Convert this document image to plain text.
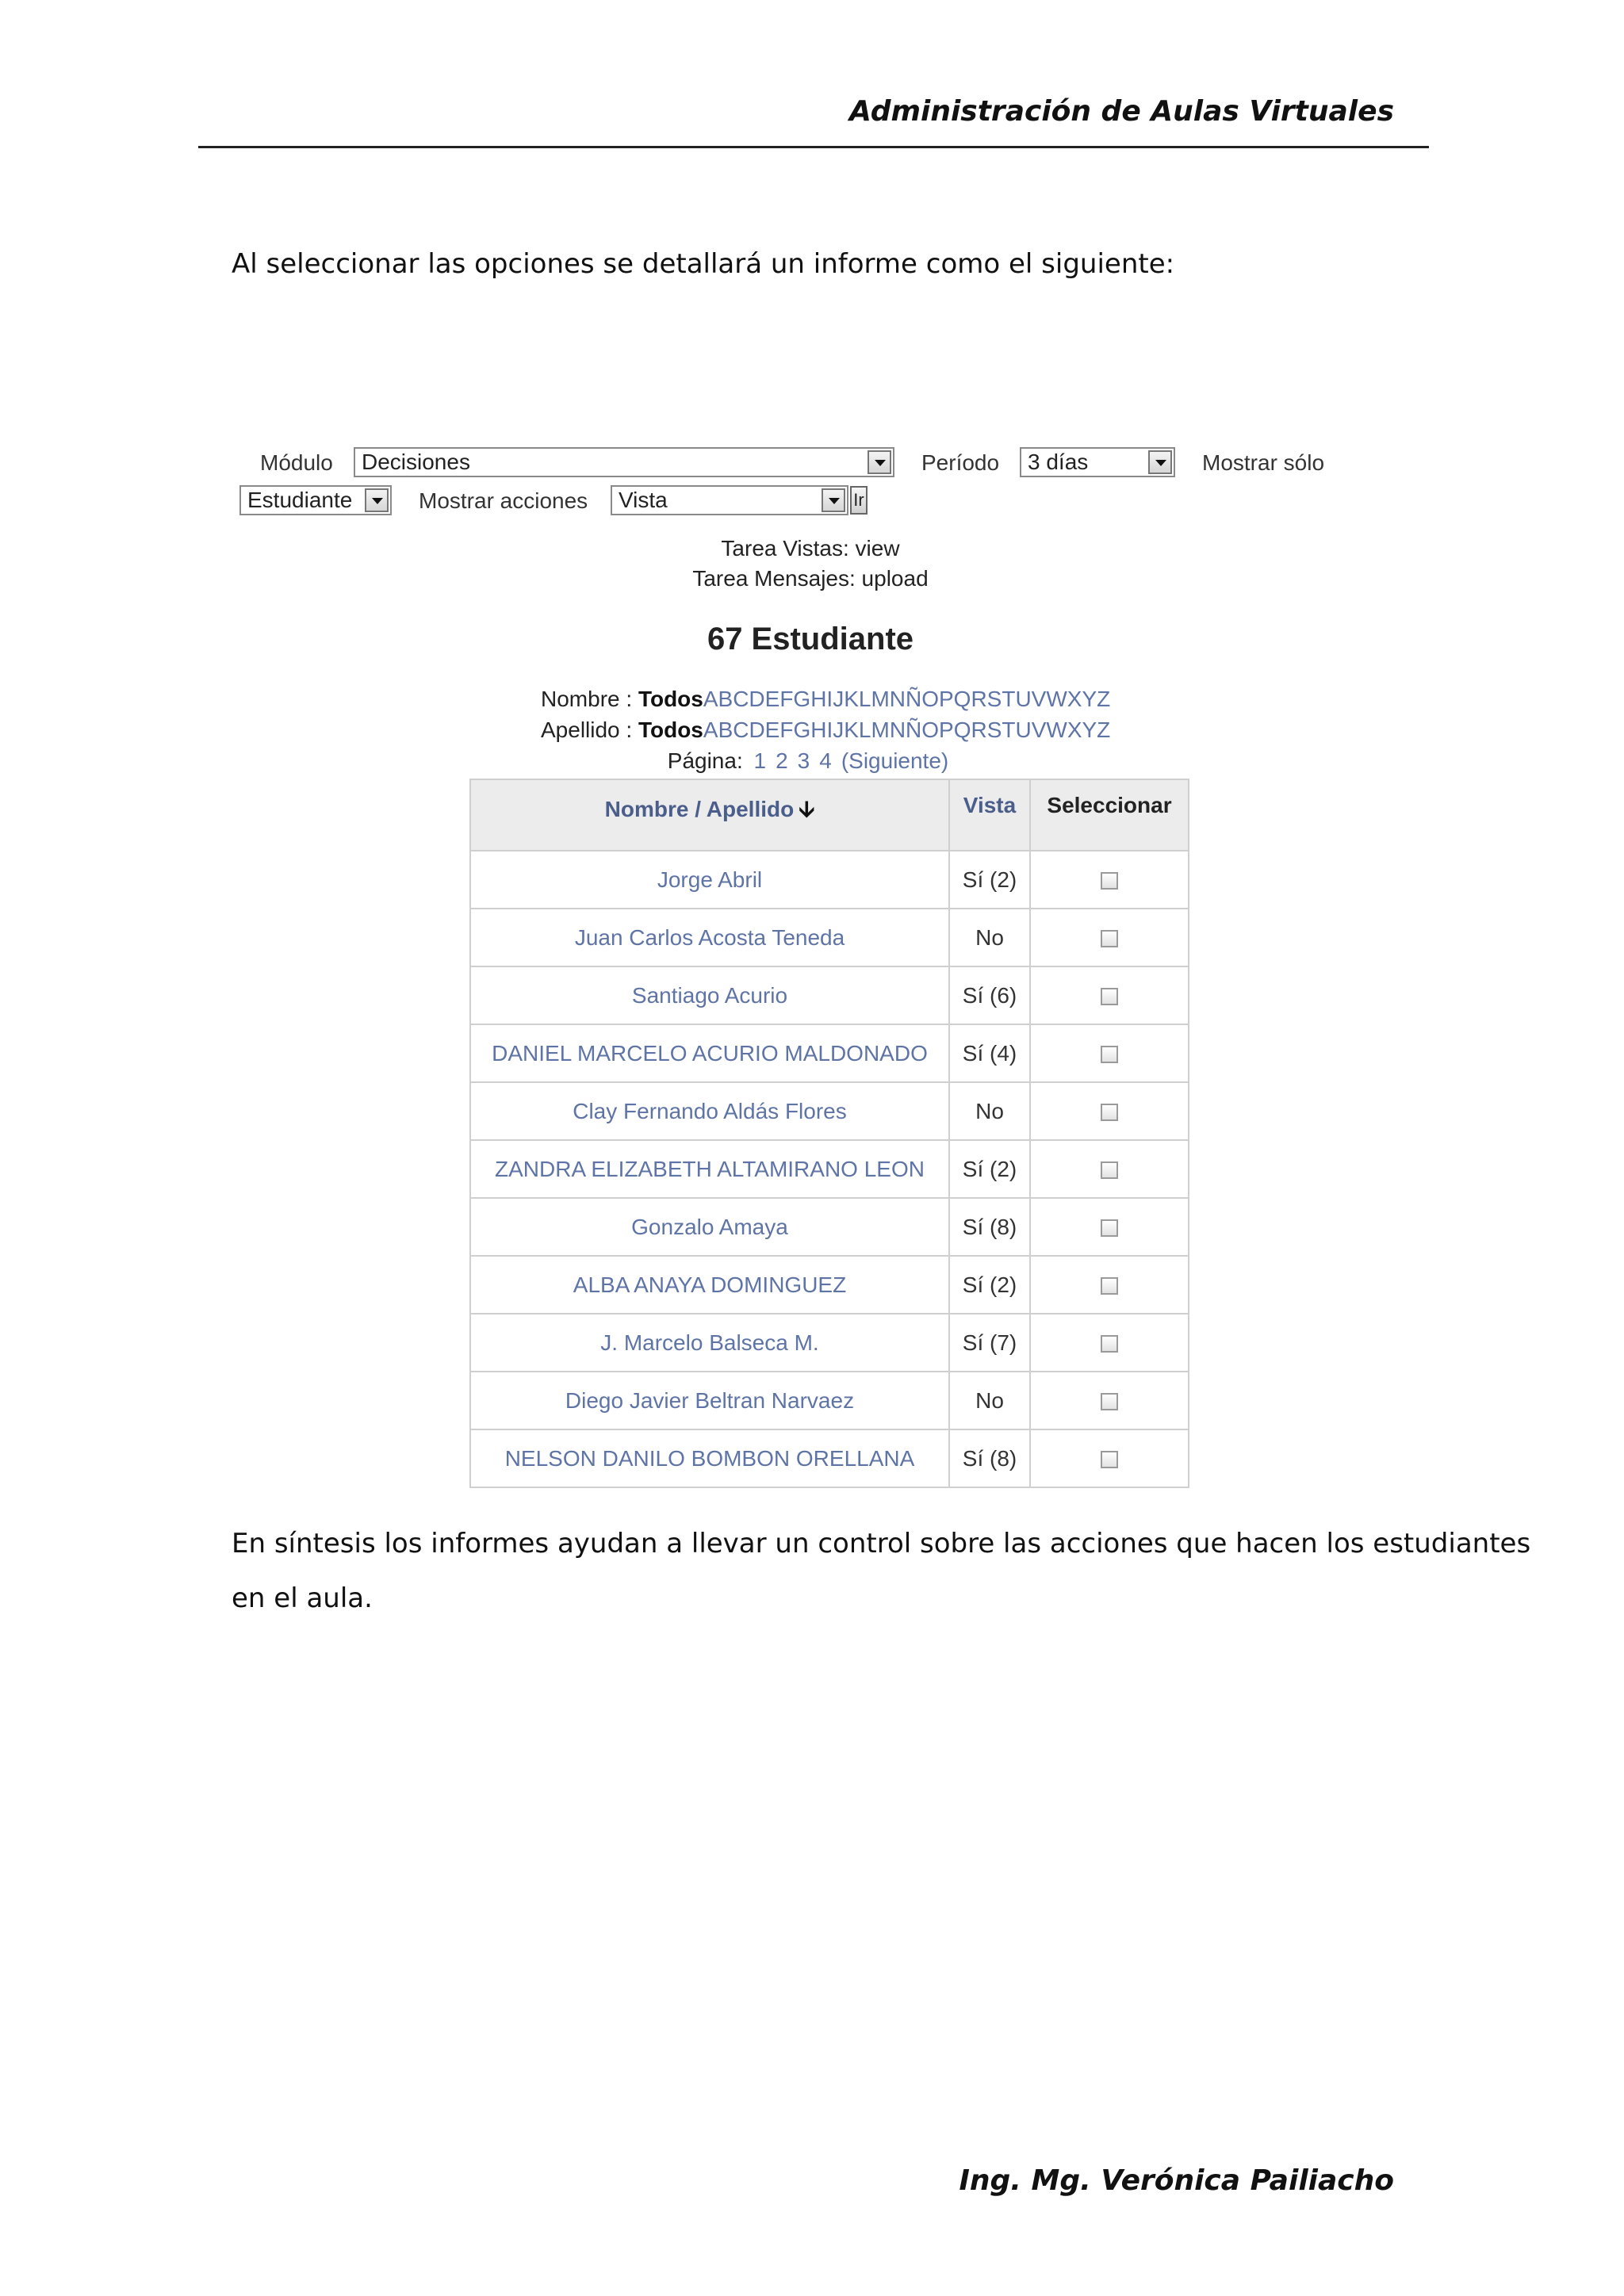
Administración de Aulas Virtuales
Al seleccionar las opciones se detallará un informe como el siguiente:
Módulo	Decisiones	Período	3 días	Mostrar sólo
Estudiante	Mostrar acciones	Vista	Ir
Tarea Vistas: view
Tarea Mensajes: upload
67 Estudiante
Nombre : TodosABCDEFGHIJKLMNÑOPQRSTUVWXYZ
Apellido : TodosABCDEFGHIJKLMNÑOPQRSTUVWXYZ
Página: 1 2 3 4 (Siguiente)
Nombre / Apellido 🡫	Vista	Seleccionar
Jorge Abril	Sí (2)	
Juan Carlos Acosta Teneda	No	
Santiago Acurio	Sí (6)	
DANIEL MARCELO ACURIO MALDONADO	Sí (4)	
Clay Fernando Aldás Flores	No	
ZANDRA ELIZABETH ALTAMIRANO LEON	Sí (2)	
Gonzalo Amaya	Sí (8)	
ALBA ANAYA DOMINGUEZ	Sí (2)	
J. Marcelo Balseca M.	Sí (7)	
Diego Javier Beltran Narvaez	No	
NELSON DANILO BOMBON ORELLANA	Sí (8)	
En síntesis los informes ayudan a llevar un control sobre las acciones que hacen los estudiantes
en el aula.
Ing. Mg. Verónica Pailiacho
